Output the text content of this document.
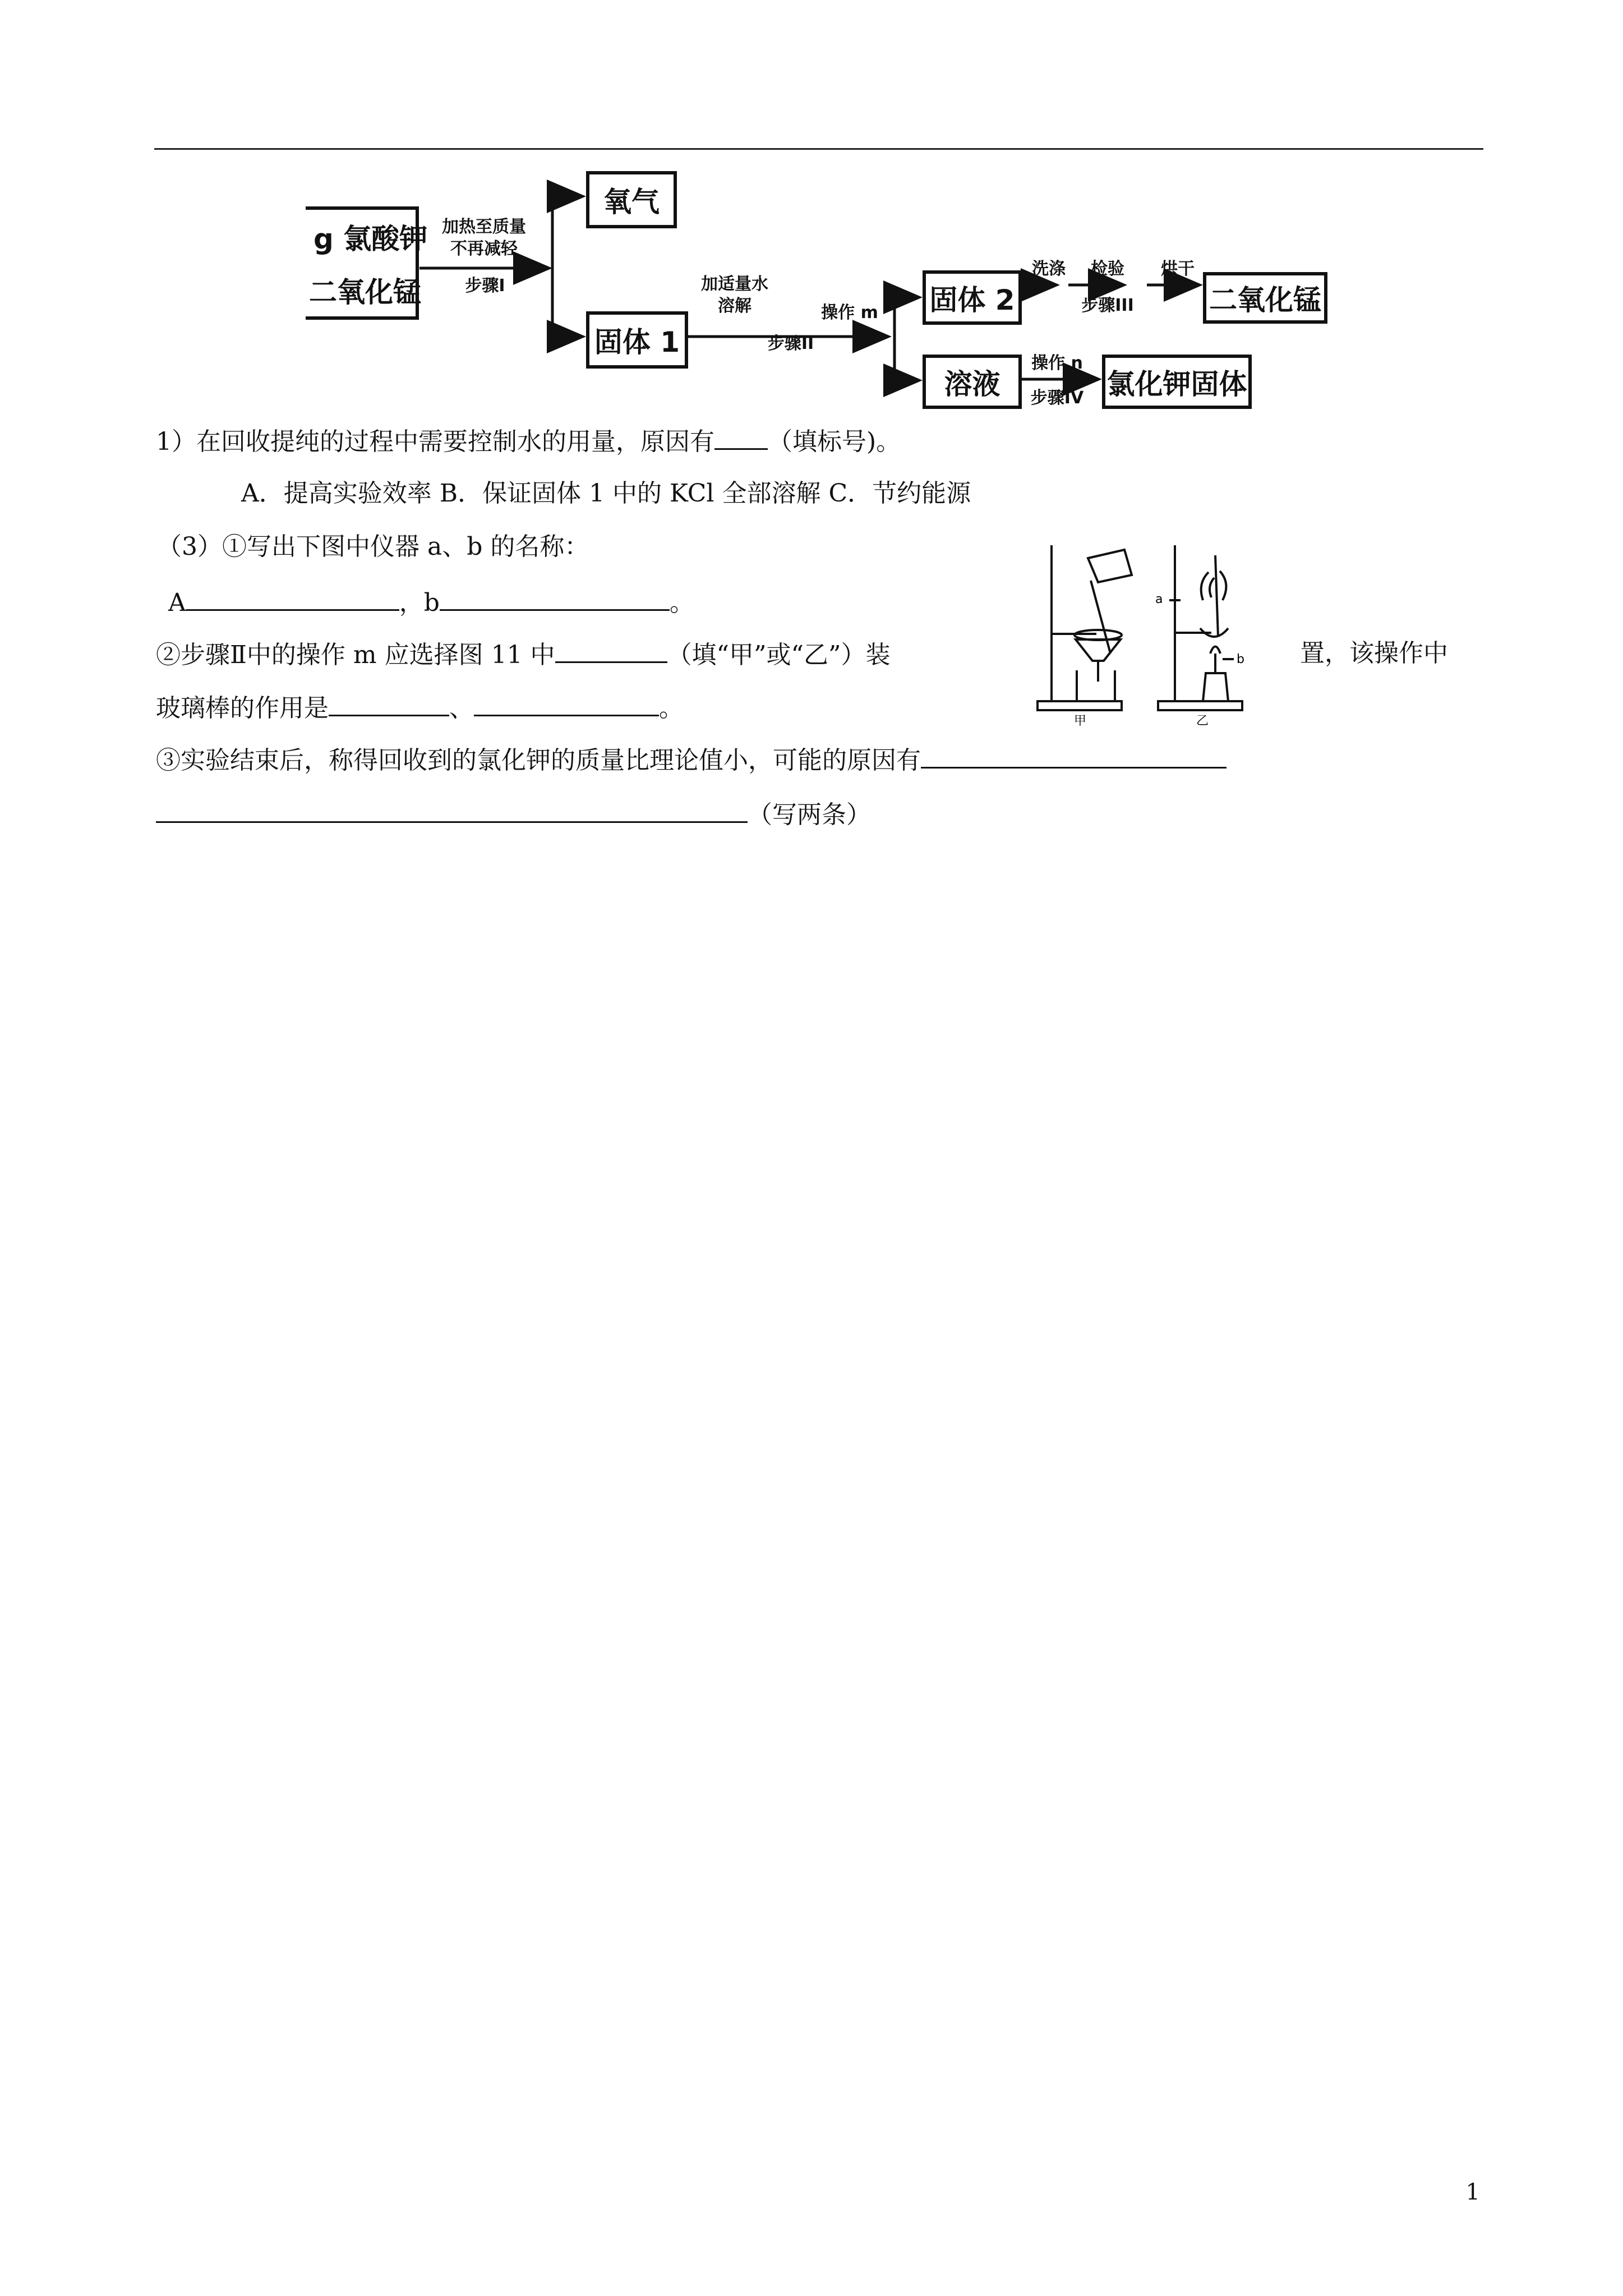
g 氯酸钾
二氧化锰
加热至质量
不再减轻
步骤I
氧气
固体 1
加适量水
溶解
步骤II
操作 m	固体 2
洗涤	检验
步骤III
烘干
二氧化锰
溶液
操作 n
步骤IV 氯化钾固体
1）在回收提纯的过程中需要控制水的用量，原因有 （填标号)。
A．提高实验效率 B．保证固体 1 中的 KCl 全部溶解 C．节约能源
（3）①写出下图中仪器 a、b 的名称：
A	，b	。
②步骤Ⅱ中的操作 m 应选择图 11 中	（填“甲”或“乙”）装	置，该操作中
玻璃棒的作用是	、	。
③实验结束后，称得回收到的氯化钾的质量比理论值小，可能的原因有
（写两条）
a
b
甲	乙
1
